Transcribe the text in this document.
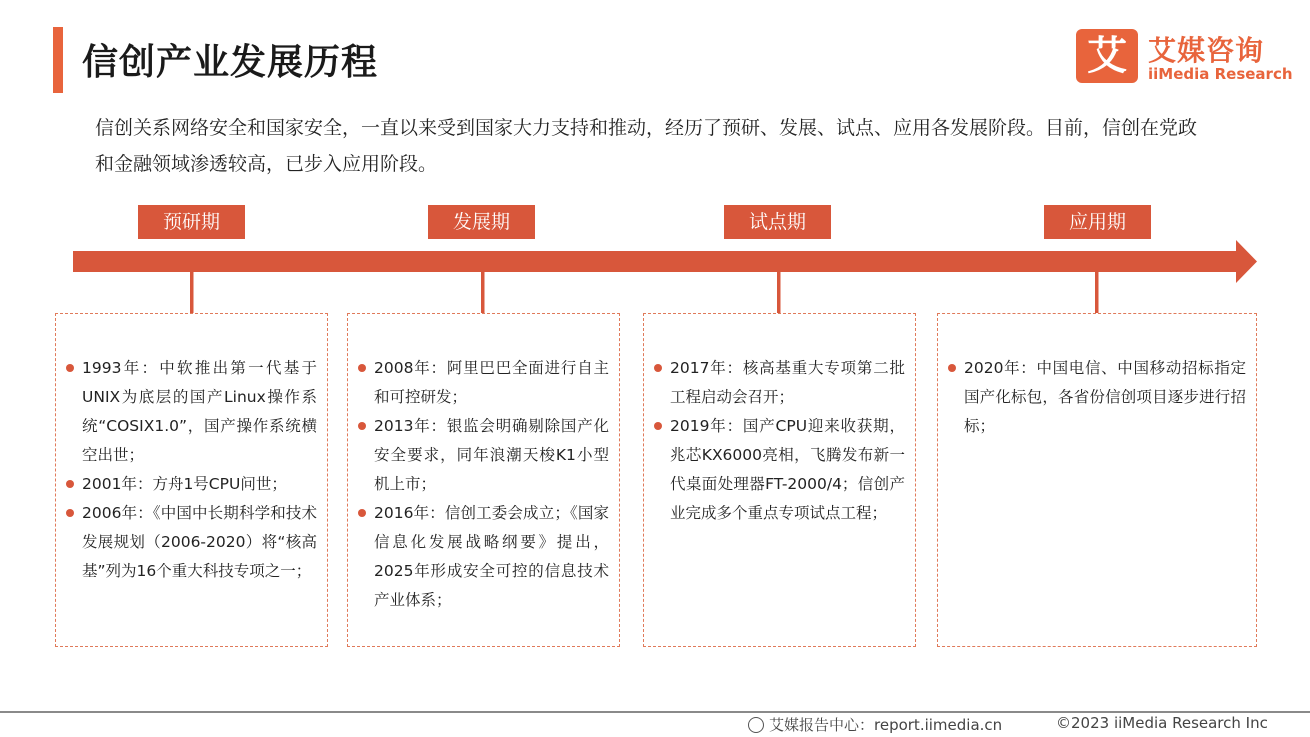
信创产业发展历程	艾 艾媒咨询
iiMedia Research
信创关系网络安全和国家安全，一直以来受到国家大力支持和推动，经历了预研、发展、试点、应用各发展阶段。目前，信创在党政和金融领域渗透较高，已步入应用阶段。
预研期	发展期	试点期	应用期
1993年：中软推出第一代基于UNIX为底层的国产Linux操作系统“COSIX1.0”，国产操作系统横空出世；
2001年：方舟1号CPU问世；
2006年：《中国中长期科学和技术发展规划（2006-2020）将“核高基”列为16个重大科技专项之一；
2008年：阿里巴巴全面进行自主和可控研发；
2013年：银监会明确剔除国产化安全要求，同年浪潮天梭K1小型机上市；
2016年：信创工委会成立；《国家信息化发展战略纲要》提出，2025年形成安全可控的信息技术产业体系；
2017年：核高基重大专项第二批工程启动会召开；
2019年：国产CPU迎来收获期，兆芯KX6000亮相，飞腾发布新一代桌面处理器FT-2000/4；信创产业完成多个重点专项试点工程；
2020年：中国电信、中国移动招标指定国产化标包，各省份信创项目逐步进行招标；
艾媒报告中心：report.iimedia.cn	©2023 iiMedia Research Inc
